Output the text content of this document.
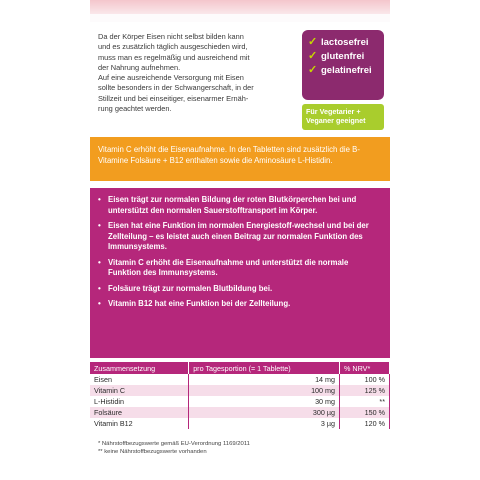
Da der Körper Eisen nicht selbst bilden kann

und es zusätzlich täglich ausgeschieden wird,

muss man es regelmäßig und ausreichend mit

der Nahrung aufnehmen.

Auf eine ausreichende Versorgung mit Eisen

sollte besonders in der Schwangerschaft, in der

Stillzeit und bei einseitiger, eisenarmer Ernäh-

rung geachtet werden.

✓ lactosefrei
✓ glutenfrei
✓ gelatinefrei
Für Vegetarier + Veganer geeignet
Vitamin C erhöht die Eisenaufnahme. In den Tabletten sind zusätzlich die B-Vitamine Folsäure + B12 enthalten sowie die Aminosäure L-Histidin.
• Eisen trägt zur normalen Bildung der roten Blutkörperchen bei und unterstützt den normalen Sauerstofftransport im Körper.
• Eisen hat eine Funktion im normalen Energiestoff-wechsel und bei der Zellteilung – es leistet auch einen Beitrag zur normalen Funktion des Immunsystems.
• Vitamin C erhöht die Eisenaufnahme und unterstützt die normale Funktion des Immunsystems.
• Folsäure trägt zur normalen Blutbildung bei.
• Vitamin B12 hat eine Funktion bei der Zellteilung.
Zusammensetzung	pro Tagesportion (= 1 Tablette)	% NRV*
Eisen	14 mg	100 %
Vitamin C	100 mg	125 %
L-Histidin	30 mg	**
Folsäure	300 µg	150 %
Vitamin B12	3 µg	120 %
* Nährstoffbezugswerte gemäß EU-Verordnung 1169/2011
** keine Nährstoffbezugswerte vorhanden
